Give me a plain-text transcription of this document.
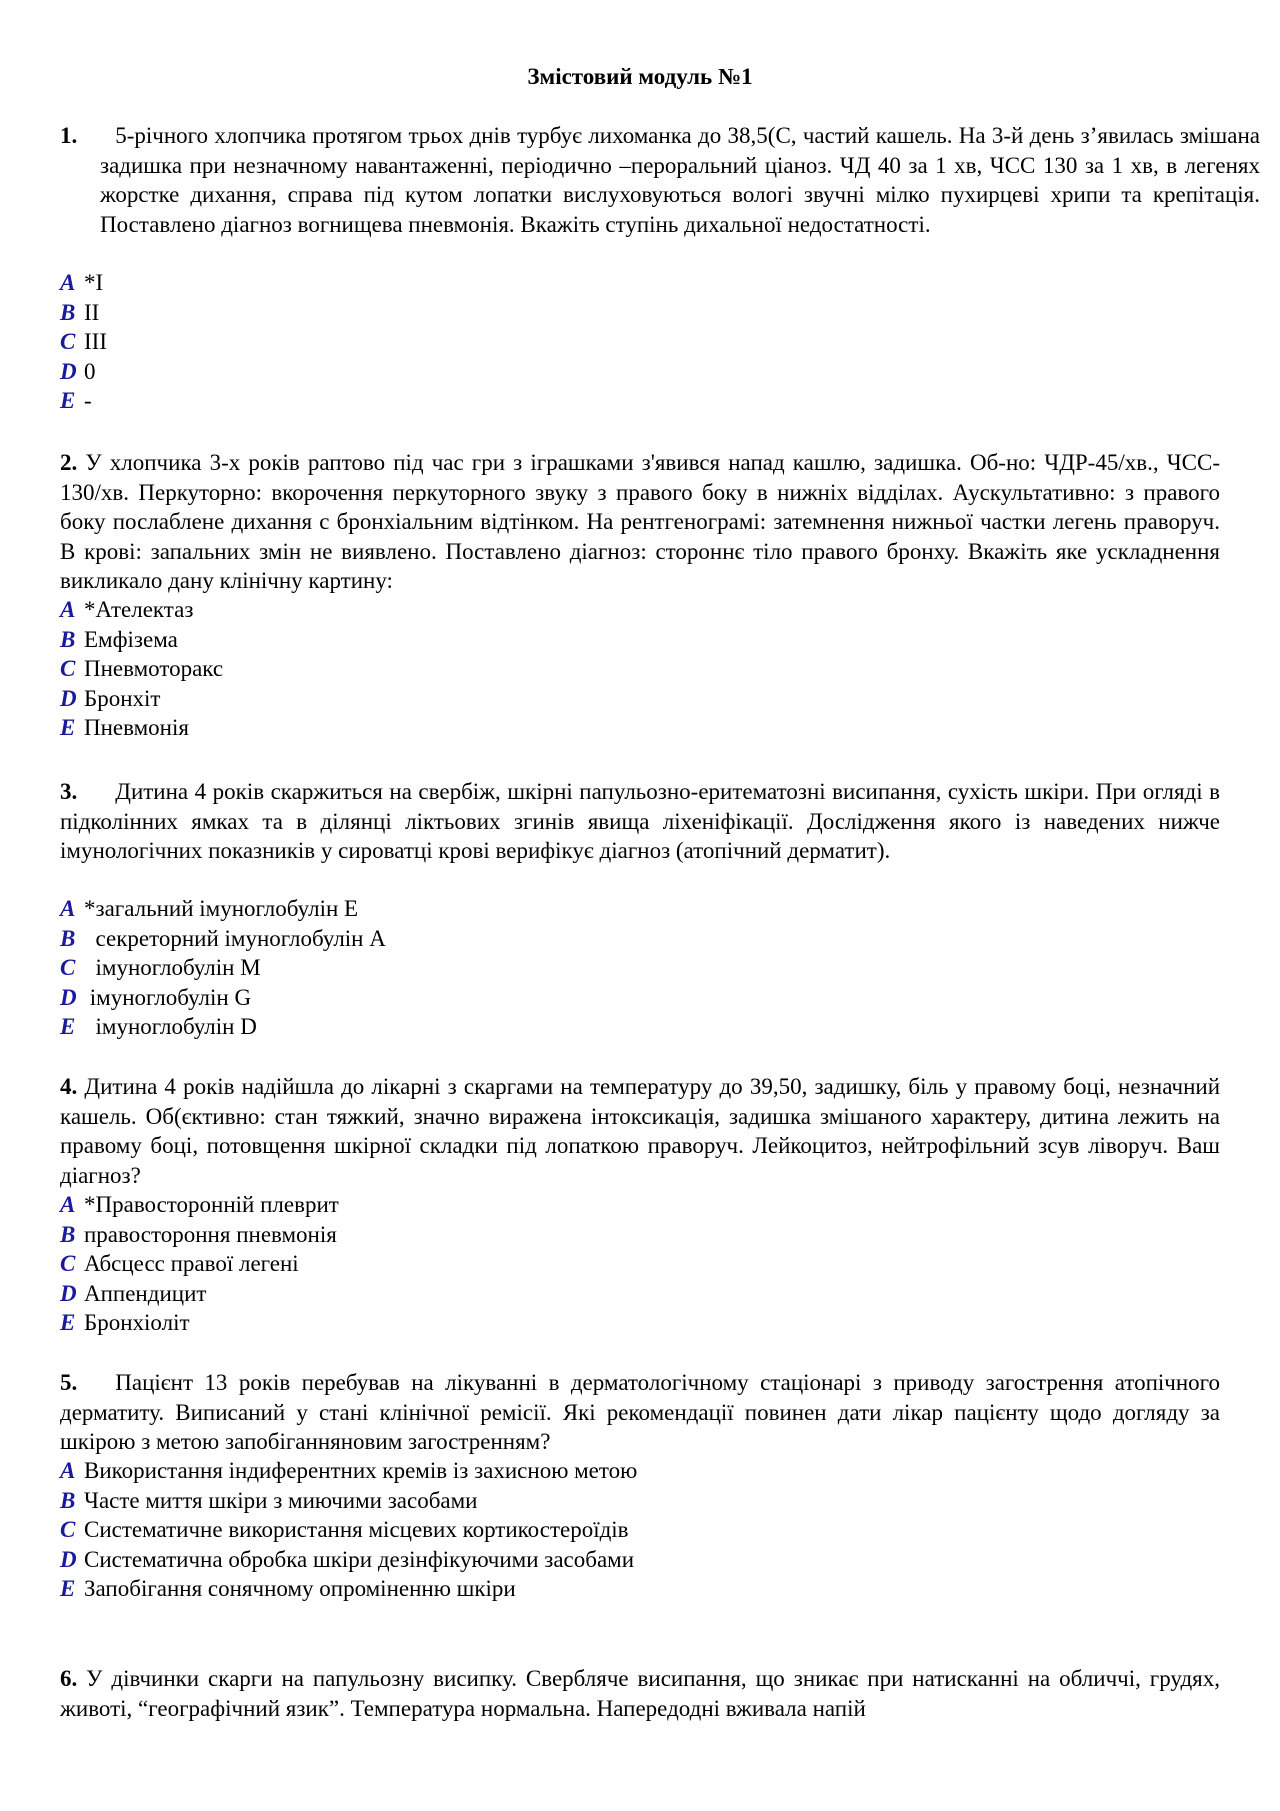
Змістовий модуль №1
1. 5-річного хлопчика протягом трьох днів турбує лихоманка до 38,5(С, частий кашель. На 3-й день з’явилась змішана задишка при незначному навантаженні, періодично –пероральний ціаноз. ЧД 40 за 1 хв, ЧСС 130 за 1 хв, в легенях жорстке дихання, справа під кутом лопатки вислуховуються вологі звучні мілко пухирцеві хрипи та крепітація. Поставлено діагноз вогнищева пневмонія. Вкажіть ступінь дихальної недостатності.
A *І
B ІІ
C ІІІ
D 0
E -
2. У хлопчика 3-х років раптово під час гри з іграшками з'явився напад кашлю, задишка. Об-но: ЧДР-45/хв., ЧСС- 130/хв. Перкуторно: вкорочення перкуторного звуку з правого боку в нижніх відділах. Аускультативно: з правого боку послаблене дихання с бронхіальним відтінком. На рентгенограмі: затемнення нижньої частки легень праворуч. В крові: запальних змін не виявлено. Поставлено діагноз: стороннє тіло правого бронху. Вкажіть яке ускладнення викликало дану клінічну картину:
A *Ателектаз
B Емфізема
C Пневмоторакс
D Бронхіт
E Пневмонія
3. Дитина 4 років скаржиться на свербіж, шкірні папульозно-еритематозні висипання, сухість шкіри. При огляді в підколінних ямках та в ділянці ліктьових згинів явища ліхеніфікації. Дослідження якого із наведених нижче імунологічних показників у сироватці крові верифікує діагноз (атопічний дерматит).
A *загальний імуноглобулін Е
B  секреторний імуноглобулін А
C  імуноглобулін М
D імуноглобулін G
E  імуноглобулін D
4. Дитина 4 років надійшла до лікарні з скаргами на температуру до 39,50, задишку, біль у правому боці, незначний кашель. Об(єктивно: стан тяжкий, значно виражена інтоксикація, задишка змішаного характеру, дитина лежить на правому боці, потовщення шкірної складки під лопаткою праворуч. Лейкоцитоз, нейтрофільний зсув ліворуч. Ваш діагноз?
A *Правосторонній плеврит
B правостороння пневмонія
C Абсцесс правої легені
D Аппендицит
E Бронхіоліт
5. Пацієнт 13 років перебував на лікуванні в дерматологічному стаціонарі з приводу загострення атопічного дерматиту. Виписаний у стані клінічної ремісії. Які рекомендації повинен дати лікар пацієнту щодо догляду за шкірою з метою запобіганняновим загостренням?
A Використання індиферентних кремів із захисною метою
B Часте миття шкіри з миючими засобами
C Систематичне використання місцевих кортикостероїдів
D Систематична обробка шкіри дезінфікуючими засобами
E Запобігання сонячному опроміненню шкіри
6. У дівчинки скарги на папульозну висипку. Свербляче висипання, що зникає при натисканні на обличчі, грудях, животі, “географічний язик”. Температура нормальна. Напередодні вживала напій
